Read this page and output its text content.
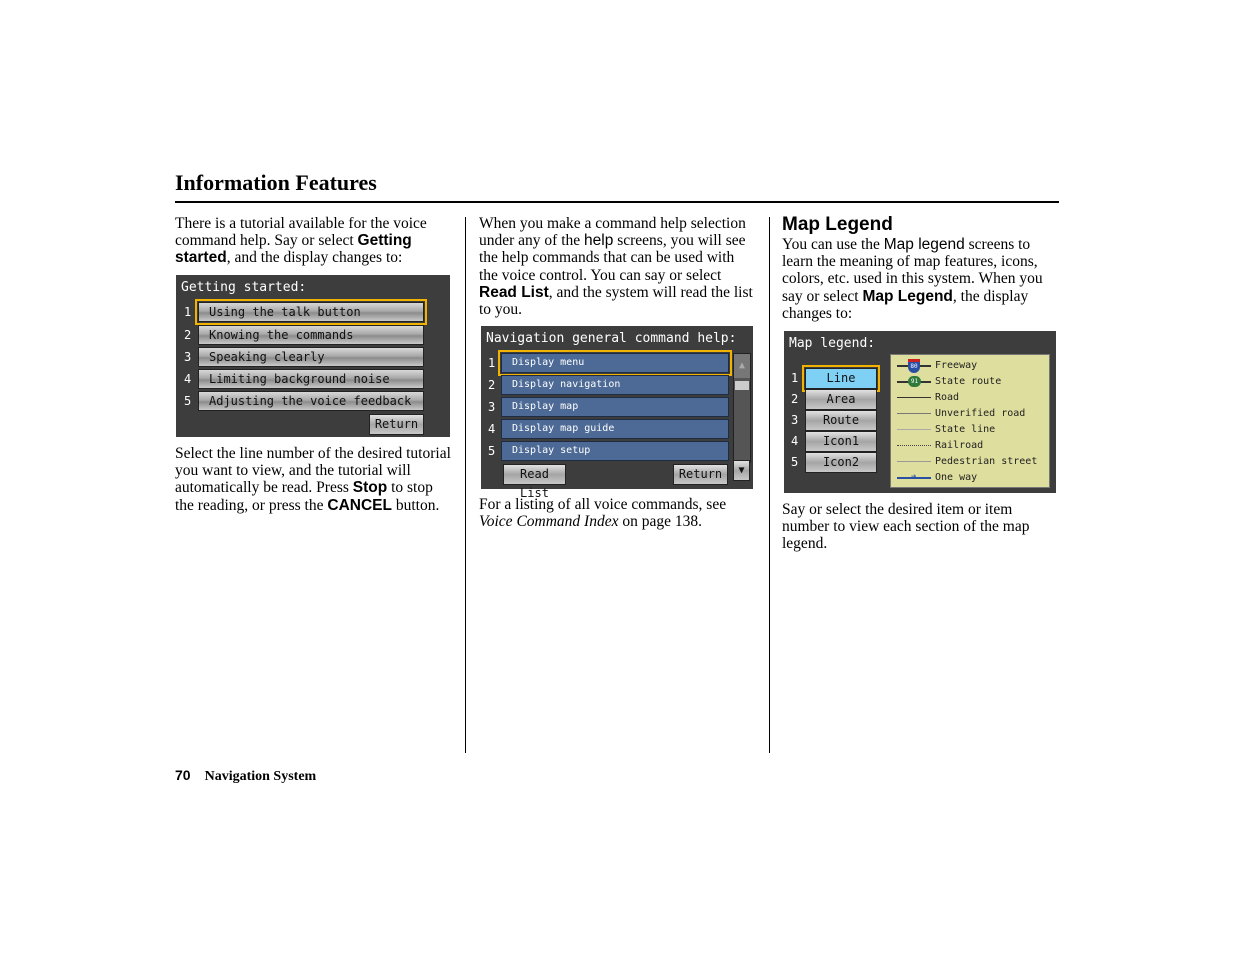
Information Features
There is a tutorial available for the voice command help. Say or select Getting started, and the display changes to:
Getting started:
1
2
3
4
5
Using the talk button
Knowing the commands
Speaking clearly
Limiting background noise
Adjusting the voice feedback
Return
Select the line number of the desired tutorial you want to view, and the tutorial will automatically be read. Press Stop to stop the reading, or press the CANCEL button.
When you make a command help selection under any of the help screens, you will see the help commands that can be used with the voice control. You can say or select Read List, and the system will read the list to you.
Navigation general command help:
1
2
3
4
5
Display menu
Display navigation
Display map
Display map guide
Display setup
▲
▼
Read List
Return
For a listing of all voice commands, see Voice Command Index on page 138.
Map Legend
You can use the Map legend screens to learn the meaning of map features, icons, colors, etc. used in this system. When you say or select Map Legend, the display changes to:
Map legend:
1
2
3
4
5
Line
Area
Route
Icon1
Icon2
80 Freeway
91 State route
Road
Unverified road
State line
Railroad
Pedestrian street
➔ One way
Say or select the desired item or item number to view each section of the map legend.
70 Navigation System
